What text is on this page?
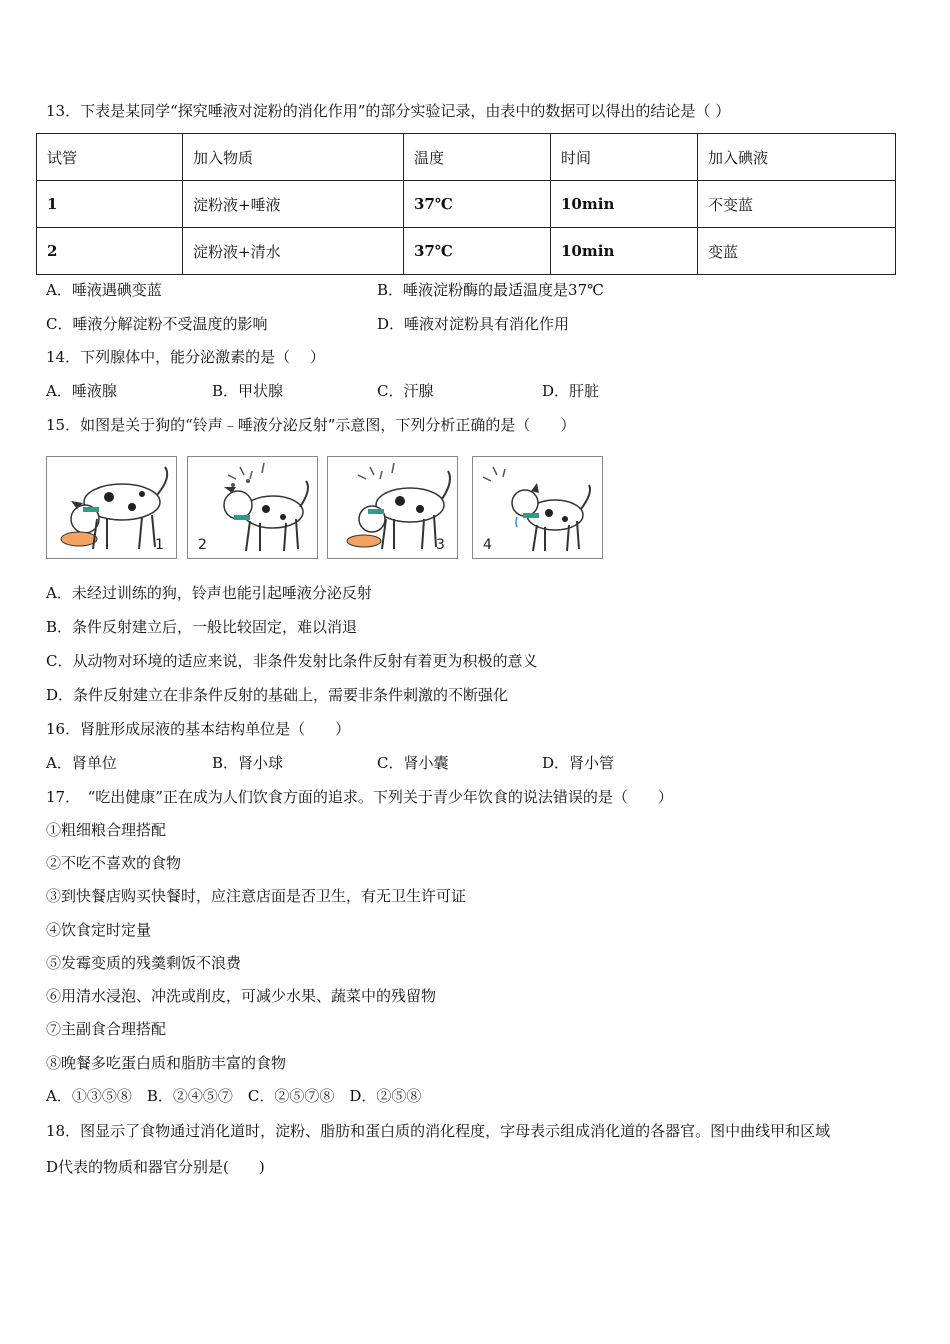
13．下表是某同学“探究唾液对淀粉的消化作用”的部分实验记录，由表中的数据可以得出的结论是（ ）
试管	加入物质	温度	时间	加入碘液
1	淀粉液+唾液	37℃	10min	不变蓝
2	淀粉液+清水	37℃	10min	变蓝
A．唾液遇碘变蓝	B．唾液淀粉酶的最适温度是37℃
C．唾液分解淀粉不受温度的影响	D．唾液对淀粉具有消化作用
14．下列腺体中，能分泌激素的是（　 ）
A．唾液腺	B．甲状腺	C．汗腺	D．肝脏
15．如图是关于狗的“铃声﹣唾液分泌反射”示意图，下列分析正确的是（　　）
1 2	3	4
A．未经过训练的狗，铃声也能引起唾液分泌反射
B．条件反射建立后，一般比较固定，难以消退
C．从动物对环境的适应来说，非条件发射比条件反射有着更为积极的意义
D．条件反射建立在非条件反射的基础上，需要非条件刺激的不断强化
16．肾脏形成尿液的基本结构单位是（　　）
A．肾单位	B．肾小球	C．肾小囊	D．肾小管
17．　“吃出健康”正在成为人们饮食方面的追求。下列关于青少年饮食的说法错误的是（　　）
①粗细粮合理搭配
②不吃不喜欢的食物
③到快餐店购买快餐时，应注意店面是否卫生，有无卫生许可证
④饮食定时定量
⑤发霉变质的残羹剩饭不浪费
⑥用清水浸泡、冲洗或削皮，可减少水果、蔬菜中的残留物
⑦主副食合理搭配
⑧晚餐多吃蛋白质和脂肪丰富的食物
A．①③⑤⑧　B．②④⑤⑦　C．②⑤⑦⑧　D．②⑤⑧
18．图显示了食物通过消化道时，淀粉、脂肪和蛋白质的消化程度，字母表示组成消化道的各器官。图中曲线甲和区域
D代表的物质和器官分别是(　　)
